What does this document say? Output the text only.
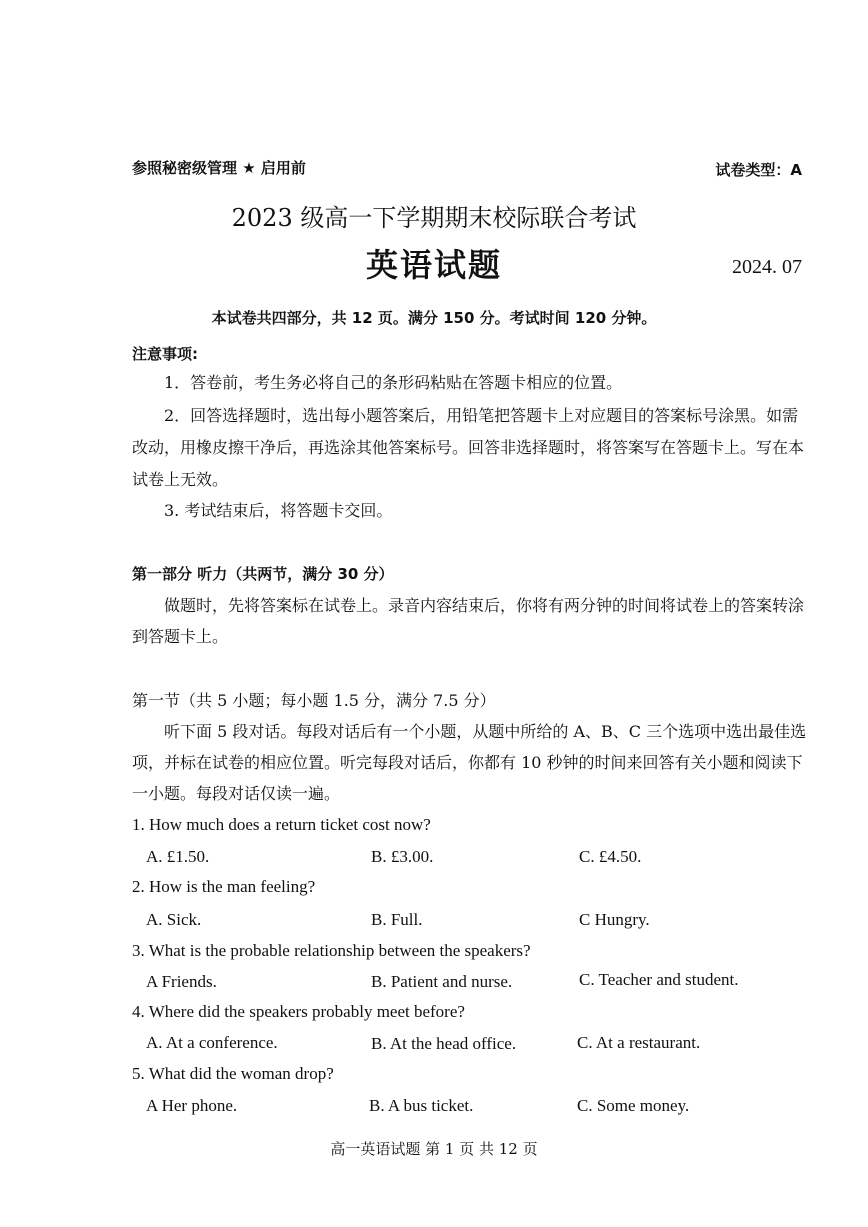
参照秘密级管理 ★ 启用前	试卷类型：A
2023 级高一下学期期末校际联合考试
英语试题	2024. 07
本试卷共四部分，共 12 页。满分 150 分。考试时间 120 分钟。
注意事项:
1．答卷前，考生务必将自己的条形码粘贴在答题卡相应的位置。
2．回答选择题时，选出每小题答案后，用铅笔把答题卡上对应题目的答案标号涂黑。如需改动，用橡皮擦干净后，再选涂其他答案标号。回答非选择题时，将答案写在答题卡上。写在本试卷上无效。
3. 考试结束后，将答题卡交回。
第一部分 听力（共两节，满分 30 分）
做题时，先将答案标在试卷上。录音内容结束后，你将有两分钟的时间将试卷上的答案转涂到答题卡上。
第一节（共 5 小题；每小题 1.5 分，满分 7.5 分）
听下面 5 段对话。每段对话后有一个小题，从题中所给的 A、B、C 三个选项中选出最佳选项，并标在试卷的相应位置。听完每段对话后，你都有 10 秒钟的时间来回答有关小题和阅读下一小题。每段对话仅读一遍。
1. How much does a return ticket cost now?
A. £1.50.	B. £3.00.	C. £4.50.
2. How is the man feeling?
A. Sick.	B. Full.	C Hungry.
3. What is the probable relationship between the speakers?
A Friends.	B. Patient and nurse.	C. Teacher and student.
4. Where did the speakers probably meet before?
A. At a conference.	B. At the head office.	C. At a restaurant.
5. What did the woman drop?
A Her phone.	B. A bus ticket.	C. Some money.
高一英语试题 第 1 页 共 12 页
